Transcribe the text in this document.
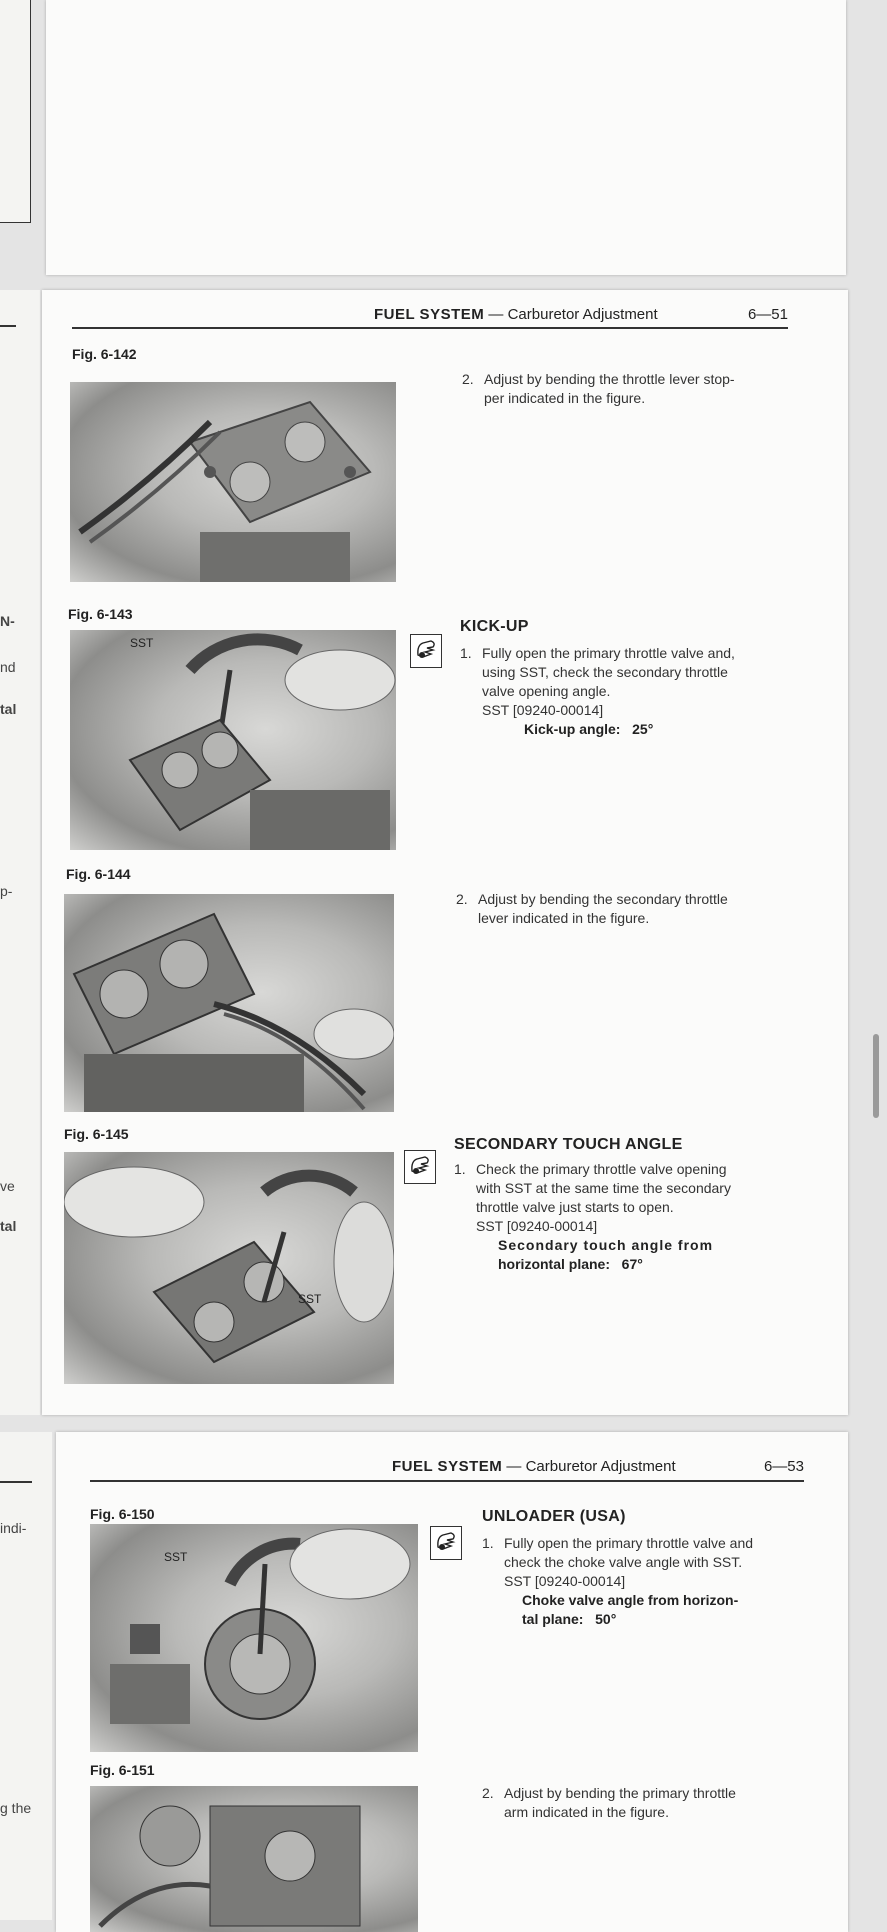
N-
nd
tal
p-
ve
tal
FUEL SYSTEM — Carburetor Adjustment	6—51
Fig. 6-142
2. Adjust by bending the throttle lever stop-
per indicated in the figure.
Fig. 6-143
SST
KICK-UP
1. Fully open the primary throttle valve and,
using SST, check the secondary throttle
valve opening angle.
SST [09240-00014]
Kick-up angle: 25°
Fig. 6-144
2. Adjust by bending the secondary throttle
lever indicated in the figure.
Fig. 6-145
SST
SECONDARY TOUCH ANGLE
1. Check the primary throttle valve opening
with SST at the same time the secondary
throttle valve just starts to open.
SST [09240-00014]
Secondary touch angle from
horizontal plane: 67°
indi-
g the
FUEL SYSTEM — Carburetor Adjustment	6—53
Fig. 6-150
SST
UNLOADER (USA)
1. Fully open the primary throttle valve and
check the choke valve angle with SST.
SST [09240-00014]
Choke valve angle from horizon-
tal plane: 50°
Fig. 6-151
2. Adjust by bending the primary throttle
arm indicated in the figure.
